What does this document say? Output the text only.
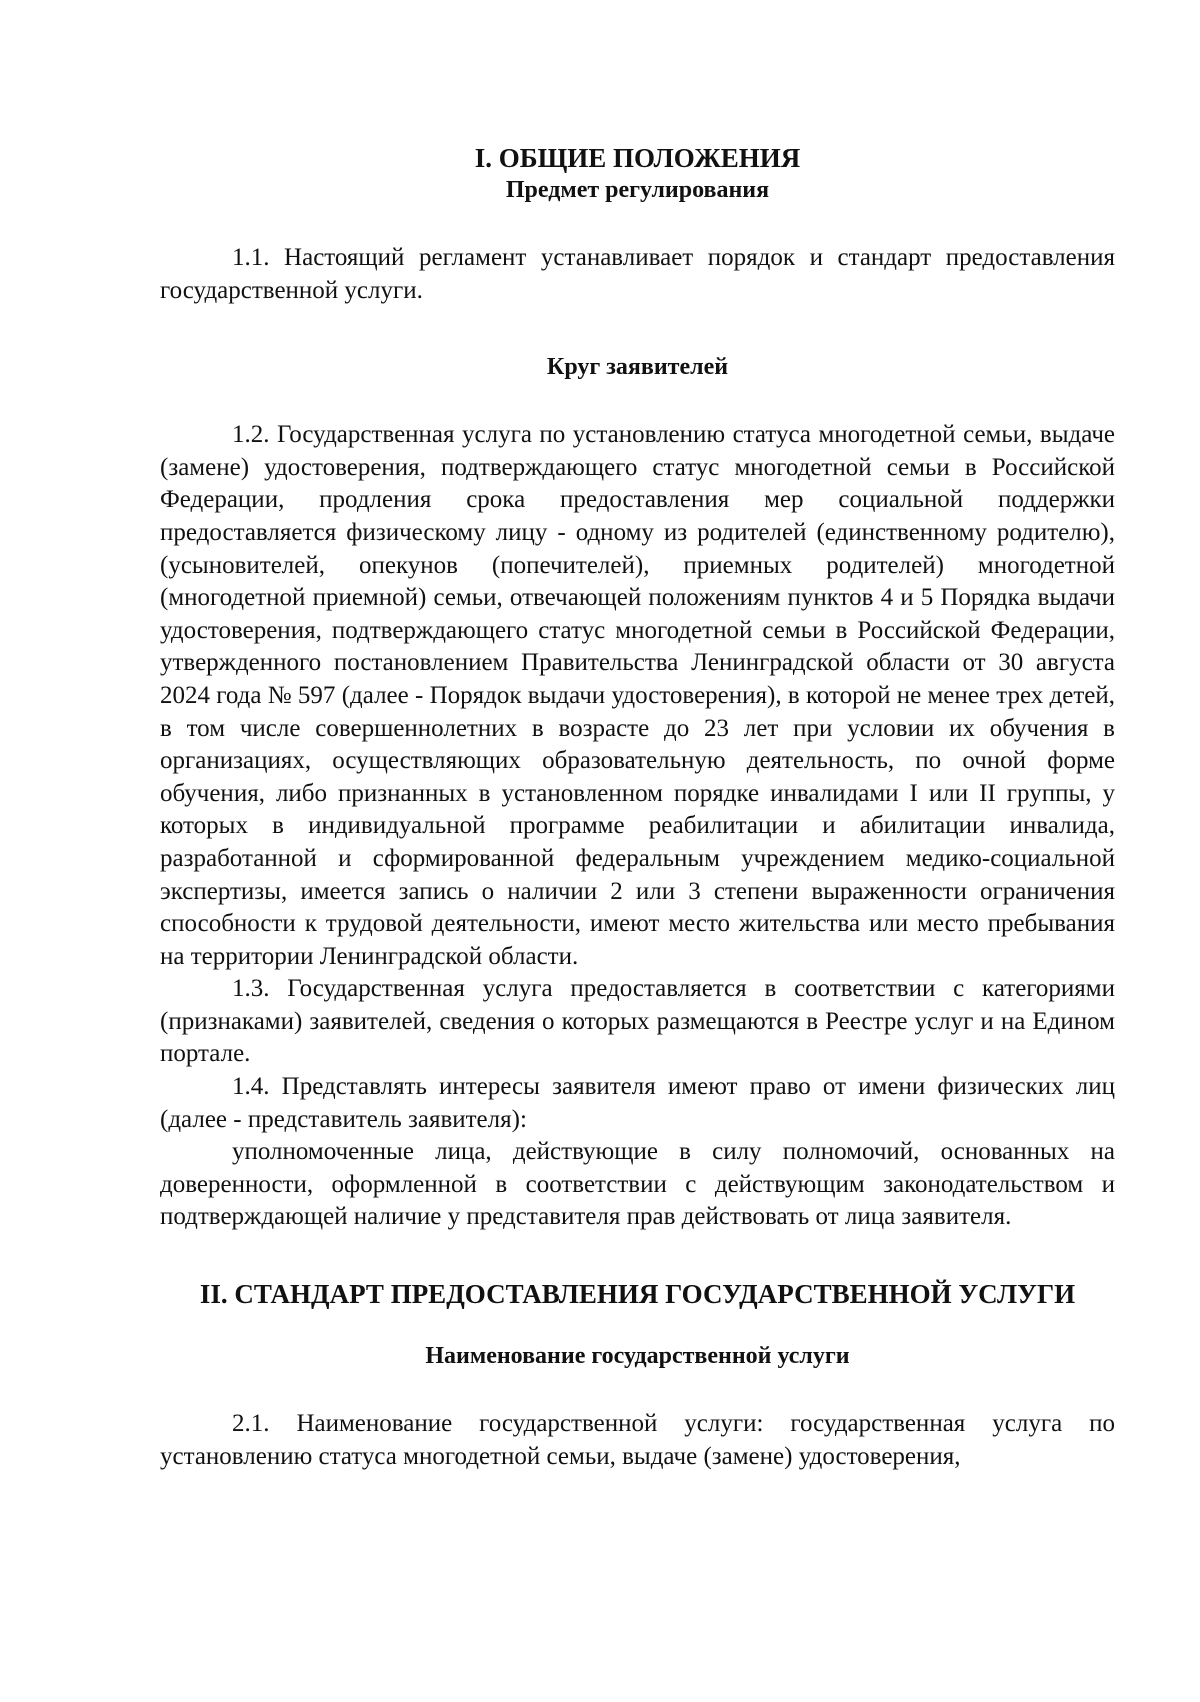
I. ОБЩИЕ ПОЛОЖЕНИЯ

Предмет регулирования

1.1. Настоящий регламент устанавливает порядок и стандарт предоставления государственной услуги.

Круг заявителей

1.2. Государственная услуга по установлению статуса многодетной семьи, выдаче (замене) удостоверения, подтверждающего статус многодетной семьи в Российской Федерации, продления срока предоставления мер социальной поддержки предоставляется физическому лицу - одному из родителей (единственному родителю), (усыновителей, опекунов (попечителей), приемных родителей) многодетной (многодетной приемной) семьи, отвечающей положениям пунктов 4 и 5 Порядка выдачи удостоверения, подтверждающего статус многодетной семьи в Российской Федерации, утвержденного постановлением Правительства Ленинградской области от 30 августа 2024 года № 597 (далее - Порядок выдачи удостоверения), в которой не менее трех детей, в том числе совершеннолетних в возрасте до 23 лет при условии их обучения в организациях, осуществляющих образовательную деятельность, по очной форме обучения, либо признанных в установленном порядке инвалидами I или II группы, у которых в индивидуальной программе реабилитации и абилитации инвалида, разработанной и сформированной федеральным учреждением медико-социальной экспертизы, имеется запись о наличии 2 или 3 степени выраженности ограничения способности к трудовой деятельности, имеют место жительства или место пребывания на территории Ленинградской области.

1.3. Государственная услуга предоставляется в соответствии с категориями (признаками) заявителей, сведения о которых размещаются в Реестре услуг и на Едином портале.

1.4. Представлять интересы заявителя имеют право от имени физических лиц (далее - представитель заявителя):

уполномоченные лица, действующие в силу полномочий, основанных на доверенности, оформленной в соответствии с действующим законодательством и подтверждающей наличие у представителя прав действовать от лица заявителя.

II. СТАНДАРТ ПРЕДОСТАВЛЕНИЯ ГОСУДАРСТВЕННОЙ УСЛУГИ

Наименование государственной услуги

2.1. Наименование государственной услуги: государственная услуга по установлению статуса многодетной семьи, выдаче (замене) удостоверения,
